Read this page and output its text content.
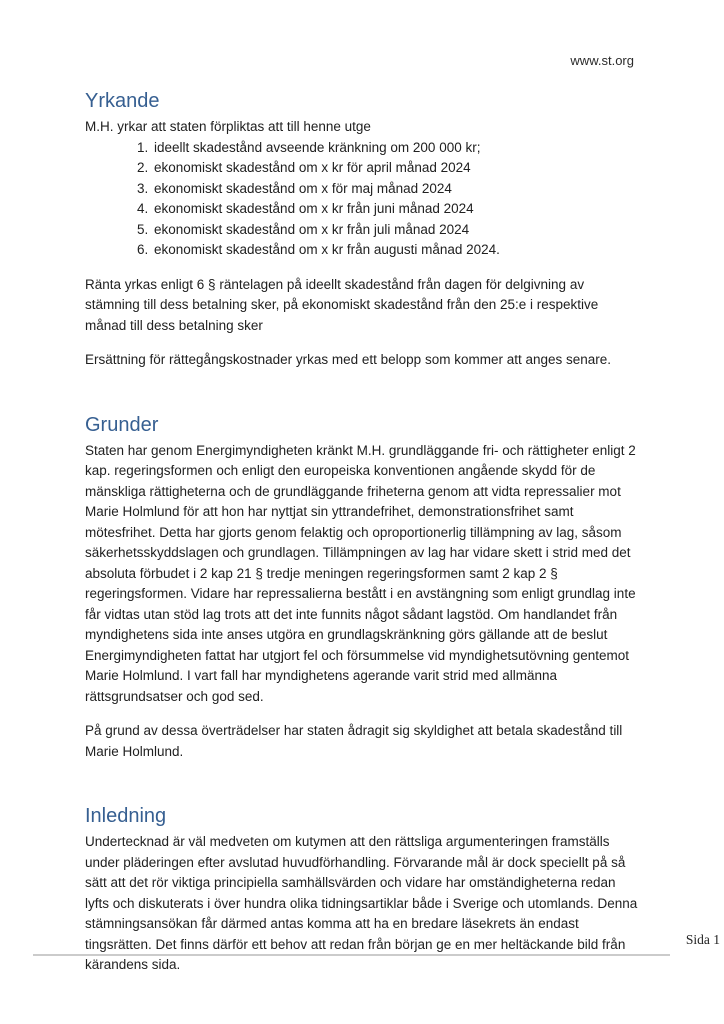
www.st.org
Yrkande

M.H. yrkar att staten förpliktas att till henne utge

1. ideellt skadestånd avseende kränkning om 200 000 kr;
2. ekonomiskt skadestånd om x kr för april månad 2024
3. ekonomiskt skadestånd om x för maj månad 2024
4. ekonomiskt skadestånd om x kr från juni månad 2024
5. ekonomiskt skadestånd om x kr från juli månad 2024
6. ekonomiskt skadestånd om x kr från augusti månad 2024.

Ränta yrkas enligt 6 § räntelagen på ideellt skadestånd från dagen för delgivning av stämning till dess betalning sker, på ekonomiskt skadestånd från den 25:e i respektive månad till dess betalning sker

Ersättning för rättegångskostnader yrkas med ett belopp som kommer att anges senare.

Grunder

Staten har genom Energimyndigheten kränkt M.H. grundläggande fri- och rättigheter enligt 2 kap. regeringsformen och enligt den europeiska konventionen angående skydd för de mänskliga rättigheterna och de grundläggande friheterna genom att vidta repressalier mot Marie Holmlund för att hon har nyttjat sin yttrandefrihet, demonstrationsfrihet samt mötesfrihet. Detta har gjorts genom felaktig och oproportionerlig tillämpning av lag, såsom säkerhetsskyddslagen och grundlagen. Tillämpningen av lag har vidare skett i strid med det absoluta förbudet i 2 kap 21 § tredje meningen regeringsformen samt 2 kap 2 § regeringsformen. Vidare har repressalierna bestått i en avstängning som enligt grundlag inte får vidtas utan stöd lag trots att det inte funnits något sådant lagstöd. Om handlandet från myndighetens sida inte anses utgöra en grundlagskränkning görs gällande att de beslut Energimyndigheten fattat har utgjort fel och försummelse vid myndighetsutövning gentemot Marie Holmlund. I vart fall har myndighetens agerande varit strid med allmänna rättsgrundsatser och god sed.

På grund av dessa överträdelser har staten ådragit sig skyldighet att betala skadestånd till Marie Holmlund.

Inledning

Undertecknad är väl medveten om kutymen att den rättsliga argumenteringen framställs under pläderingen efter avslutad huvudförhandling. Förvarande mål är dock speciellt på så sätt att det rör viktiga principiella samhällsvärden och vidare har omständigheterna redan lyfts och diskuterats i över hundra olika tidningsartiklar både i Sverige och utomlands. Denna stämningsansökan får därmed antas komma att ha en bredare läsekrets än endast tingsrätten. Det finns därför ett behov att redan från början ge en mer heltäckande bild från kärandens sida.

Sida 1
